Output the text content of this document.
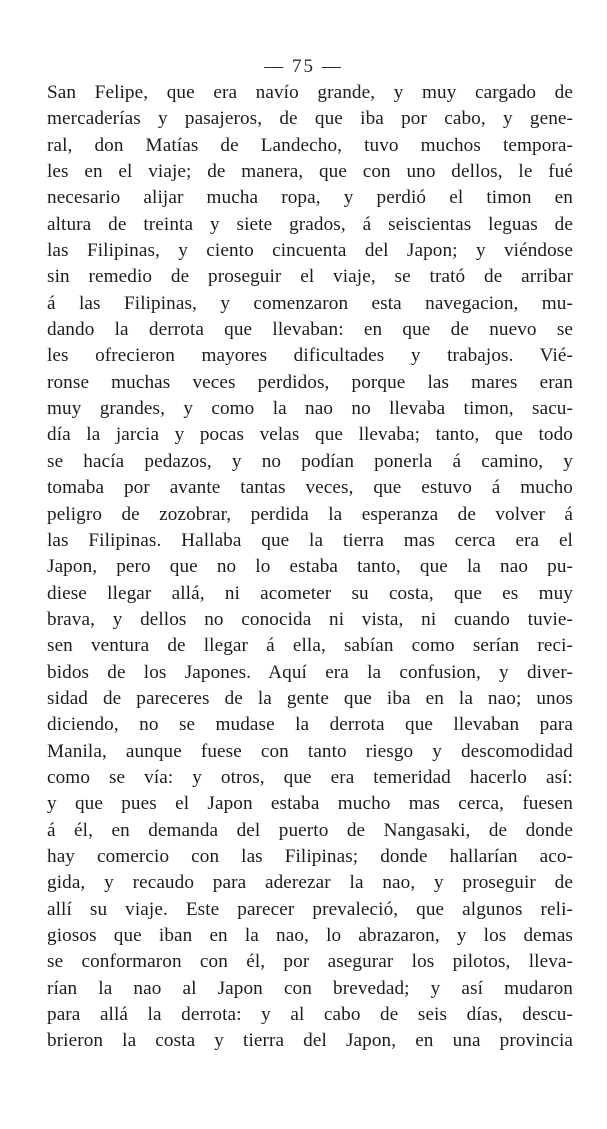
— 75 —
San Felipe, que era navío grande, y muy cargado de
mercaderías y pasajeros, de que iba por cabo, y gene-
ral, don Matías de Landecho, tuvo muchos tempora-
les en el viaje; de manera, que con uno dellos, le fué
necesario alijar mucha ropa, y perdió el timon en
altura de treinta y siete grados, á seiscientas leguas de
las Filipinas, y ciento cincuenta del Japon; y viéndose
sin remedio de proseguir el viaje, se trató de arribar
á las Filipinas, y comenzaron esta navegacion, mu-
dando la derrota que llevaban: en que de nuevo se
les ofrecieron mayores dificultades y trabajos. Vié-
ronse muchas veces perdidos, porque las mares eran
muy grandes, y como la nao no llevaba timon, sacu-
día la jarcia y pocas velas que llevaba; tanto, que todo
se hacía pedazos, y no podían ponerla á camino, y
tomaba por avante tantas veces, que estuvo á mucho
peligro de zozobrar, perdida la esperanza de volver á
las Filipinas. Hallaba que la tierra mas cerca era el
Japon, pero que no lo estaba tanto, que la nao pu-
diese llegar allá, ni acometer su costa, que es muy
brava, y dellos no conocida ni vista, ni cuando tuvie-
sen ventura de llegar á ella, sabían como serían reci-
bidos de los Japones. Aquí era la confusion, y diver-
sidad de pareceres de la gente que iba en la nao; unos
diciendo, no se mudase la derrota que llevaban para
Manila, aunque fuese con tanto riesgo y descomodidad
como se vía: y otros, que era temeridad hacerlo así:
y que pues el Japon estaba mucho mas cerca, fuesen
á él, en demanda del puerto de Nangasaki, de donde
hay comercio con las Filipinas; donde hallarían aco-
gida, y recaudo para aderezar la nao, y proseguir de
allí su viaje. Este parecer prevaleció, que algunos reli-
giosos que iban en la nao, lo abrazaron, y los demas
se conformaron con él, por asegurar los pilotos, lleva-
rían la nao al Japon con brevedad; y así mudaron
para allá la derrota: y al cabo de seis días, descu-
brieron la costa y tierra del Japon, en una provincia
